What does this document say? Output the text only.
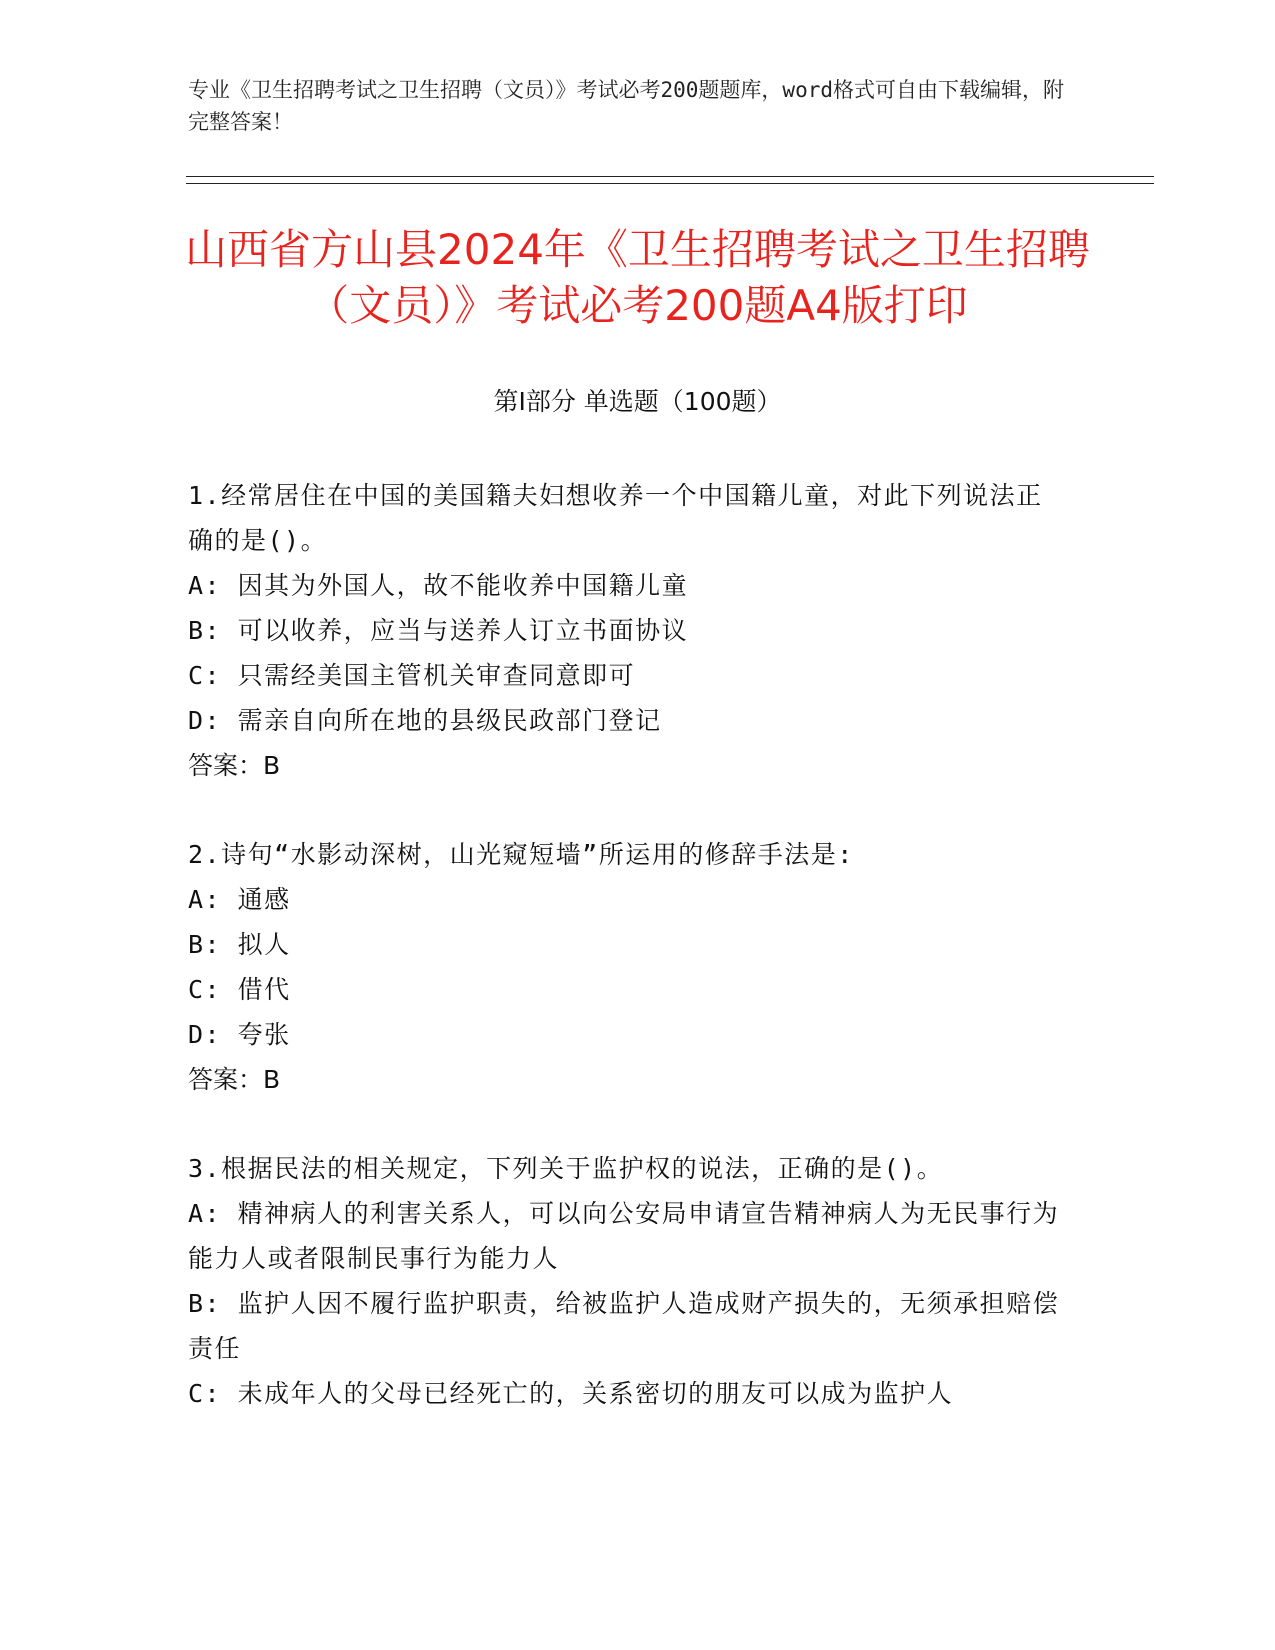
专业《卫生招聘考试之卫生招聘（文员）》考试必考200题题库，word格式可自由下载编辑，附完整答案！
山西省方山县2024年《卫生招聘考试之卫生招聘（文员）》考试必考200题A4版打印
第I部分 单选题（100题）

1.经常居住在中国的美国籍夫妇想收养一个中国籍儿童，对此下列说法正确的是()。

A: 因其为外国人，故不能收养中国籍儿童

B: 可以收养，应当与送养人订立书面协议

C: 只需经美国主管机关审查同意即可

D: 需亲自向所在地的县级民政部门登记

答案：B

2.诗句“水影动深树，山光窥短墙”所运用的修辞手法是:

A: 通感

B: 拟人

C: 借代

D: 夸张

答案：B

3.根据民法的相关规定，下列关于监护权的说法，正确的是()。

A: 精神病人的利害关系人，可以向公安局申请宣告精神病人为无民事行为能力人或者限制民事行为能力人

B: 监护人因不履行监护职责，给被监护人造成财产损失的，无须承担赔偿责任

C: 未成年人的父母已经死亡的，关系密切的朋友可以成为监护人
